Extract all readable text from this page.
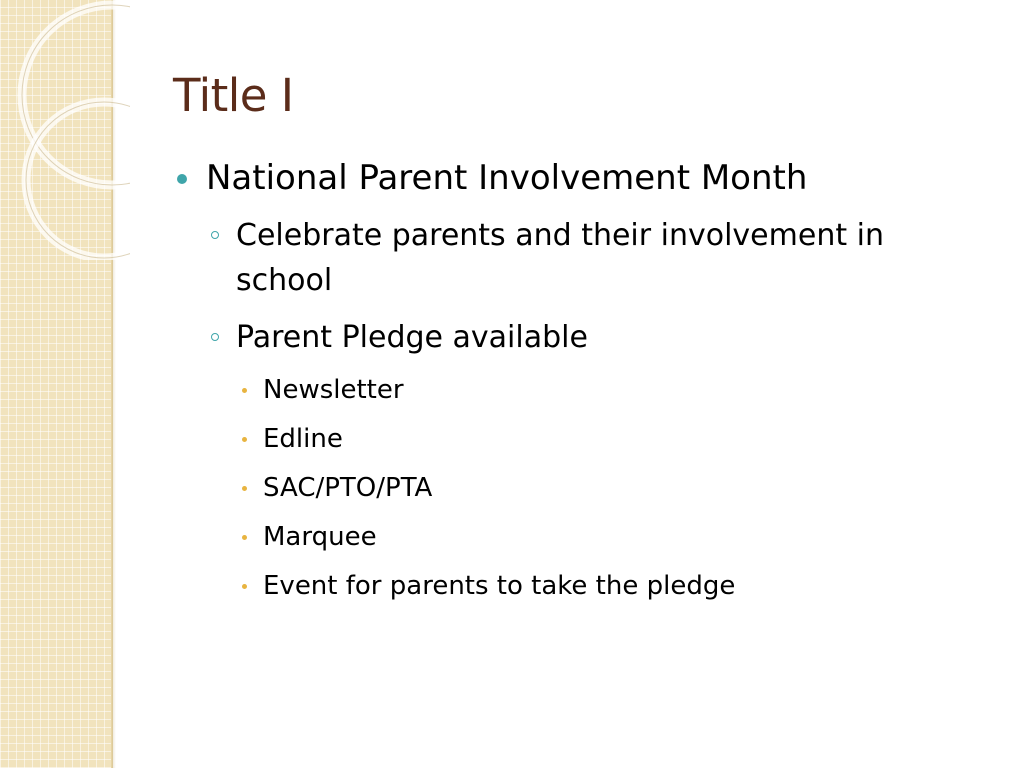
Title I
National Parent Involvement Month
Celebrate parents and their involvement in school
Parent Pledge available
Newsletter
Edline
SAC/PTO/PTA
Marquee
Event for parents to take the pledge
